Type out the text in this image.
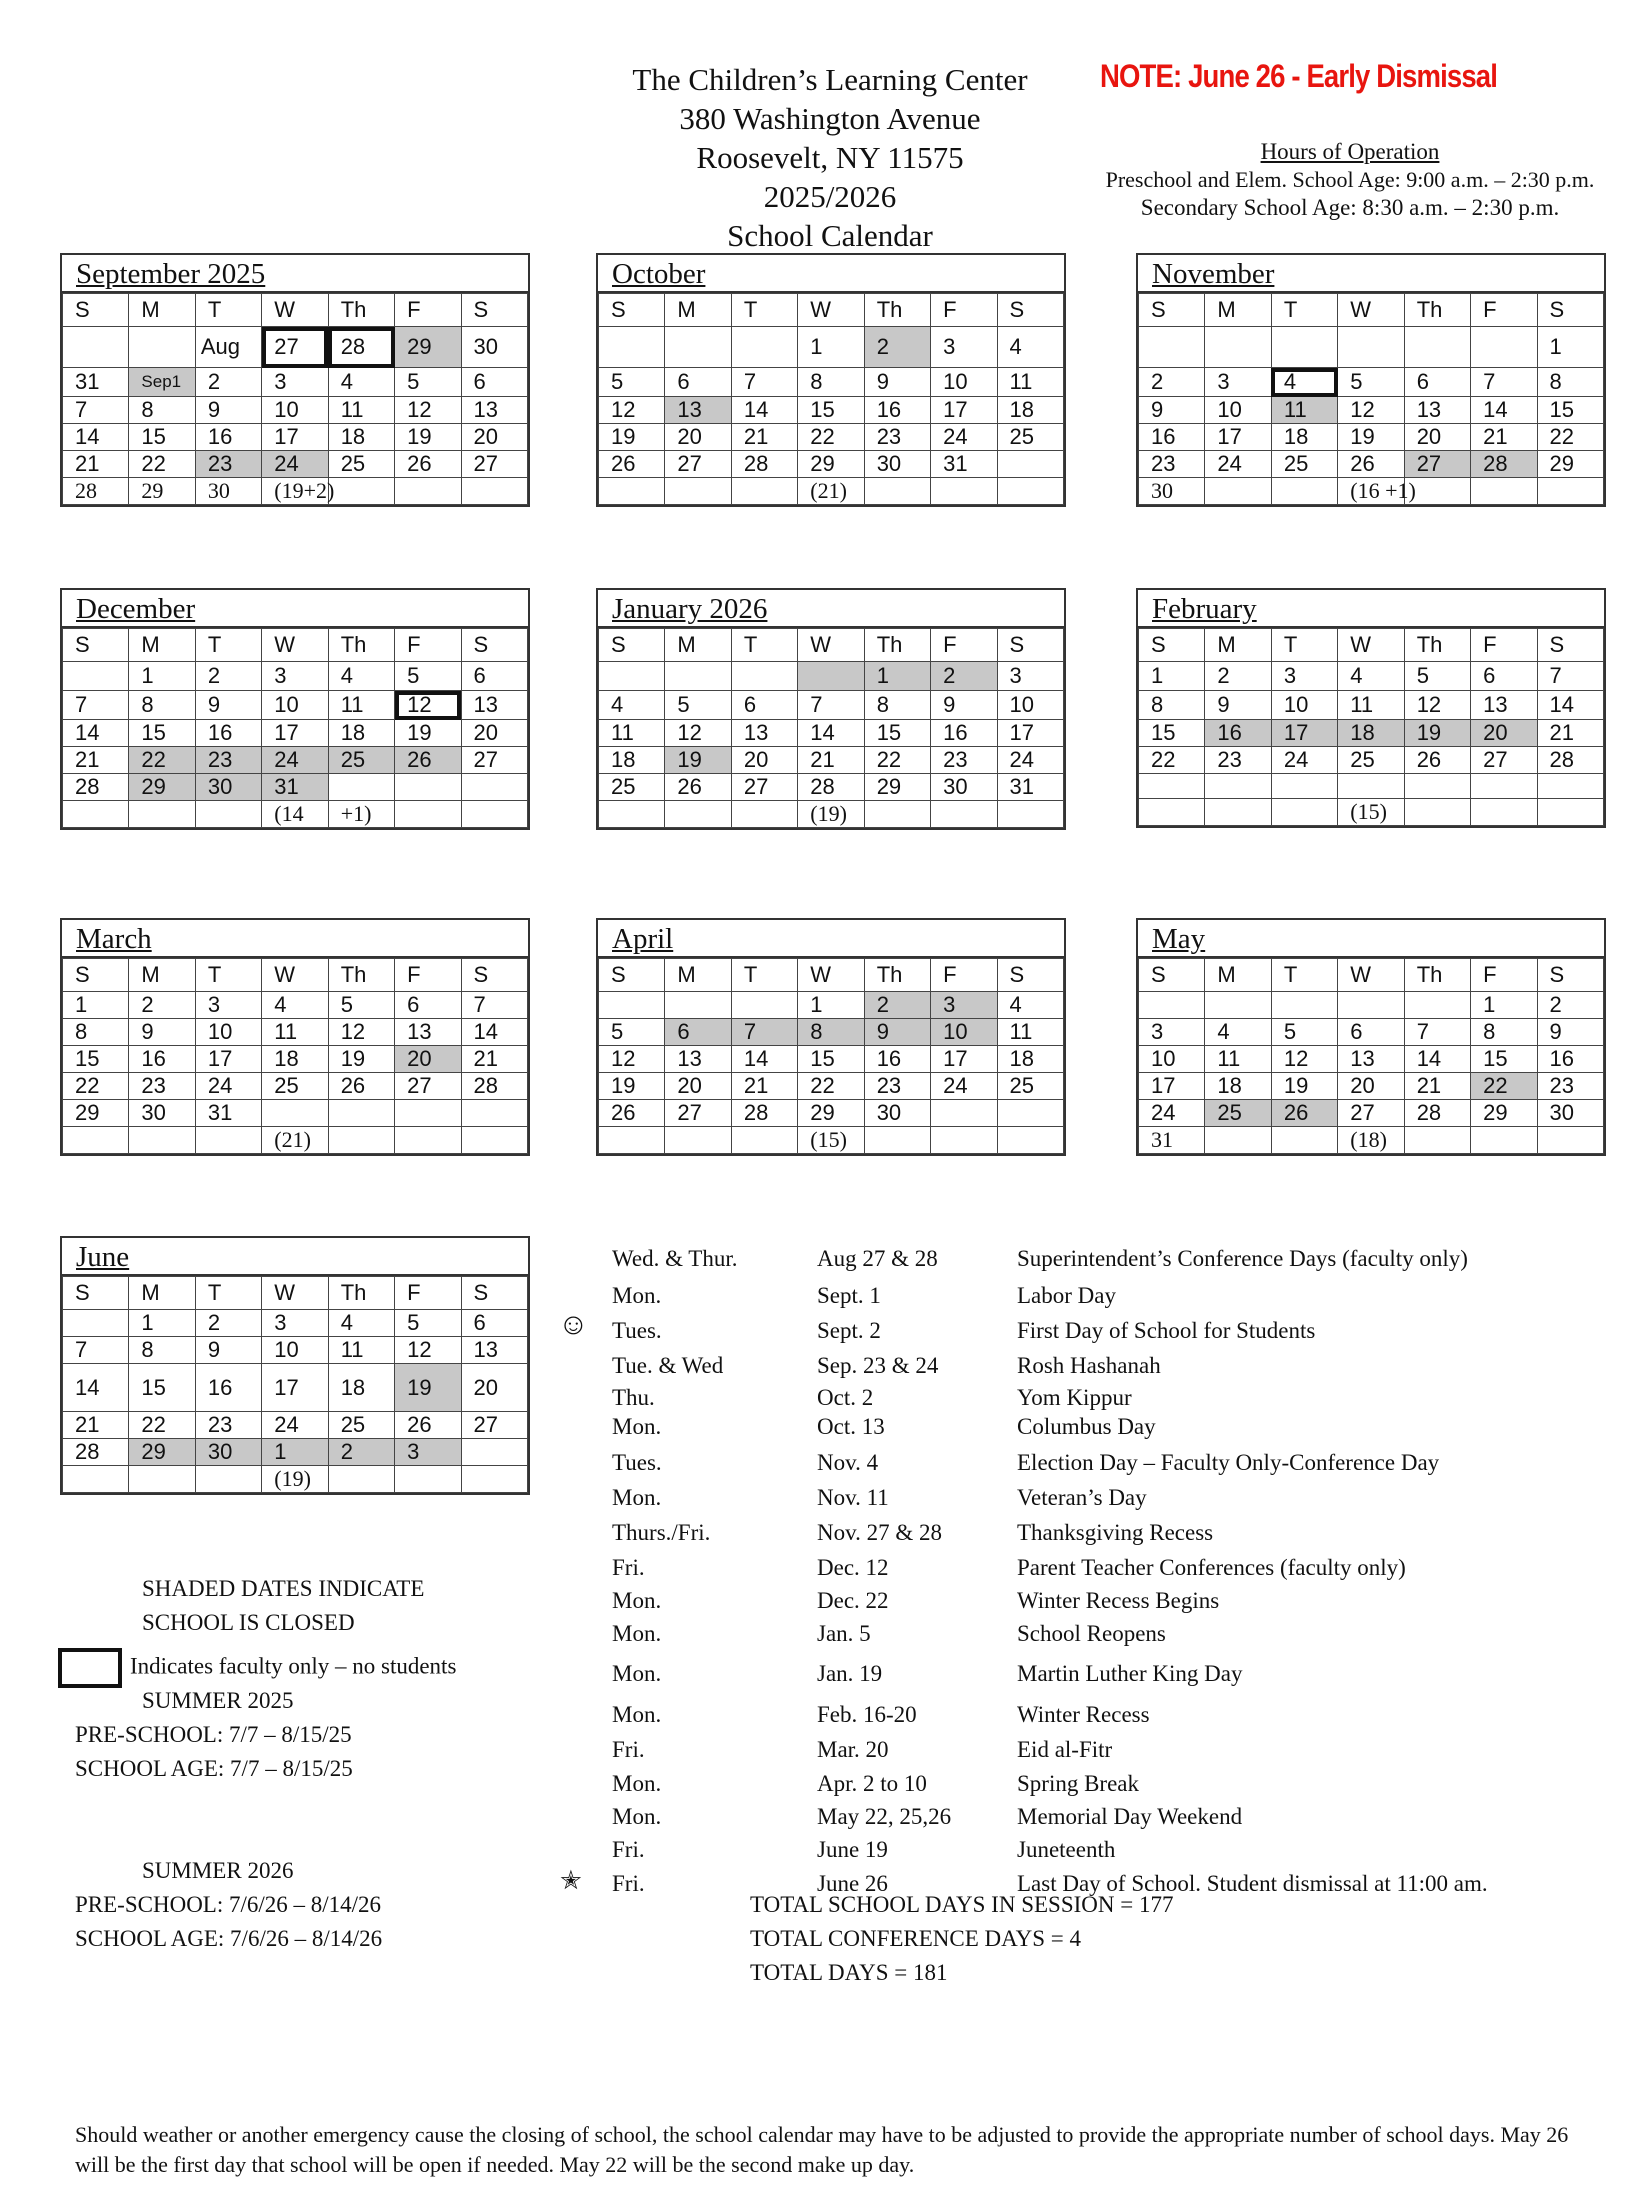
The Children’s Learning Center
380 Washington Avenue
Roosevelt, NY 11575
2025/2026
School Calendar
NOTE: June 26 - Early Dismissal
Hours of Operation
Preschool and Elem. School Age: 9:00 a.m. – 2:30 p.m.
Secondary School Age: 8:30 a.m. – 2:30 p.m.
September 2025
S	M	T	W	Th	F	S
		Aug	27	28	29	30
31	Sep1	2	3	4	5	6
7	8	9	10	11	12	13
14	15	16	17	18	19	20
21	22	23	24	25	26	27
28	29	30	(19+2)			
October
S	M	T	W	Th	F	S
			1	2	3	4
5	6	7	8	9	10	11
12	13	14	15	16	17	18
19	20	21	22	23	24	25
26	27	28	29	30	31	
			(21)			
November
S	M	T	W	Th	F	S
						1
2	3	4	5	6	7	8
9	10	11	12	13	14	15
16	17	18	19	20	21	22
23	24	25	26	27	28	29
30			(16 +1)			
December
S	M	T	W	Th	F	S
	1	2	3	4	5	6
7	8	9	10	11	12	13
14	15	16	17	18	19	20
21	22	23	24	25	26	27
28	29	30	31			
			(14	+1)		
January 2026
S	M	T	W	Th	F	S
				1	2	3
4	5	6	7	8	9	10
11	12	13	14	15	16	17
18	19	20	21	22	23	24
25	26	27	28	29	30	31
			(19)			
February
S	M	T	W	Th	F	S
1	2	3	4	5	6	7
8	9	10	11	12	13	14
15	16	17	18	19	20	21
22	23	24	25	26	27	28

			(15)			
March
S	M	T	W	Th	F	S
1	2	3	4	5	6	7
8	9	10	11	12	13	14
15	16	17	18	19	20	21
22	23	24	25	26	27	28
29	30	31				
			(21)			
April
S	M	T	W	Th	F	S
			1	2	3	4
5	6	7	8	9	10	11
12	13	14	15	16	17	18
19	20	21	22	23	24	25
26	27	28	29	30		
			(15)			
May
S	M	T	W	Th	F	S
					1	2
3	4	5	6	7	8	9
10	11	12	13	14	15	16
17	18	19	20	21	22	23
24	25	26	27	28	29	30
31			(18)			
June
S	M	T	W	Th	F	S
	1	2	3	4	5	6
7	8	9	10	11	12	13
14	15	16	17	18	19	20
21	22	23	24	25	26	27
28	29	30	1	2	3	
			(19)			
SHADED DATES INDICATE
SCHOOL IS CLOSED
Indicates faculty only – no students
SUMMER 2025
PRE-SCHOOL: 7/7 – 8/15/25
SCHOOL AGE: 7/7 – 8/15/25
SUMMER 2026
PRE-SCHOOL: 7/6/26 – 8/14/26
SCHOOL AGE: 7/6/26 – 8/14/26
Wed. & Thur.	Aug 27 & 28	Superintendent’s Conference Days (faculty only)
Mon.	Sept. 1	Labor Day
Tues.	Sept. 2	First Day of School for Students
Tue. & Wed	Sep. 23 & 24	Rosh Hashanah
Thu.	Oct. 2	Yom Kippur
Mon.	Oct. 13	Columbus Day
Tues.	Nov. 4	Election Day – Faculty Only-Conference Day
Mon.	Nov. 11	Veteran’s Day
Thurs./Fri.	Nov. 27 & 28	Thanksgiving Recess
Fri.	Dec. 12	Parent Teacher Conferences (faculty only)
Mon.	Dec. 22	Winter Recess Begins
Mon.	Jan. 5	School Reopens
Mon.	Jan. 19	Martin Luther King Day
Mon.	Feb. 16-20	Winter Recess
Fri.	Mar. 20	Eid al-Fitr
Mon.	Apr. 2 to 10	Spring Break
Mon.	May 22, 25,26	Memorial Day Weekend
Fri.	June 19	Juneteenth
Fri.	June 26	Last Day of School. Student dismissal at 11:00 am.
☺
✭
TOTAL SCHOOL DAYS IN SESSION = 177
TOTAL CONFERENCE DAYS = 4
TOTAL DAYS = 181
Should weather or another emergency cause the closing of school, the school calendar may have to be adjusted to provide the appropriate number of school days. May 26 will be the first day that school will be open if needed. May 22 will be the second make up day.
